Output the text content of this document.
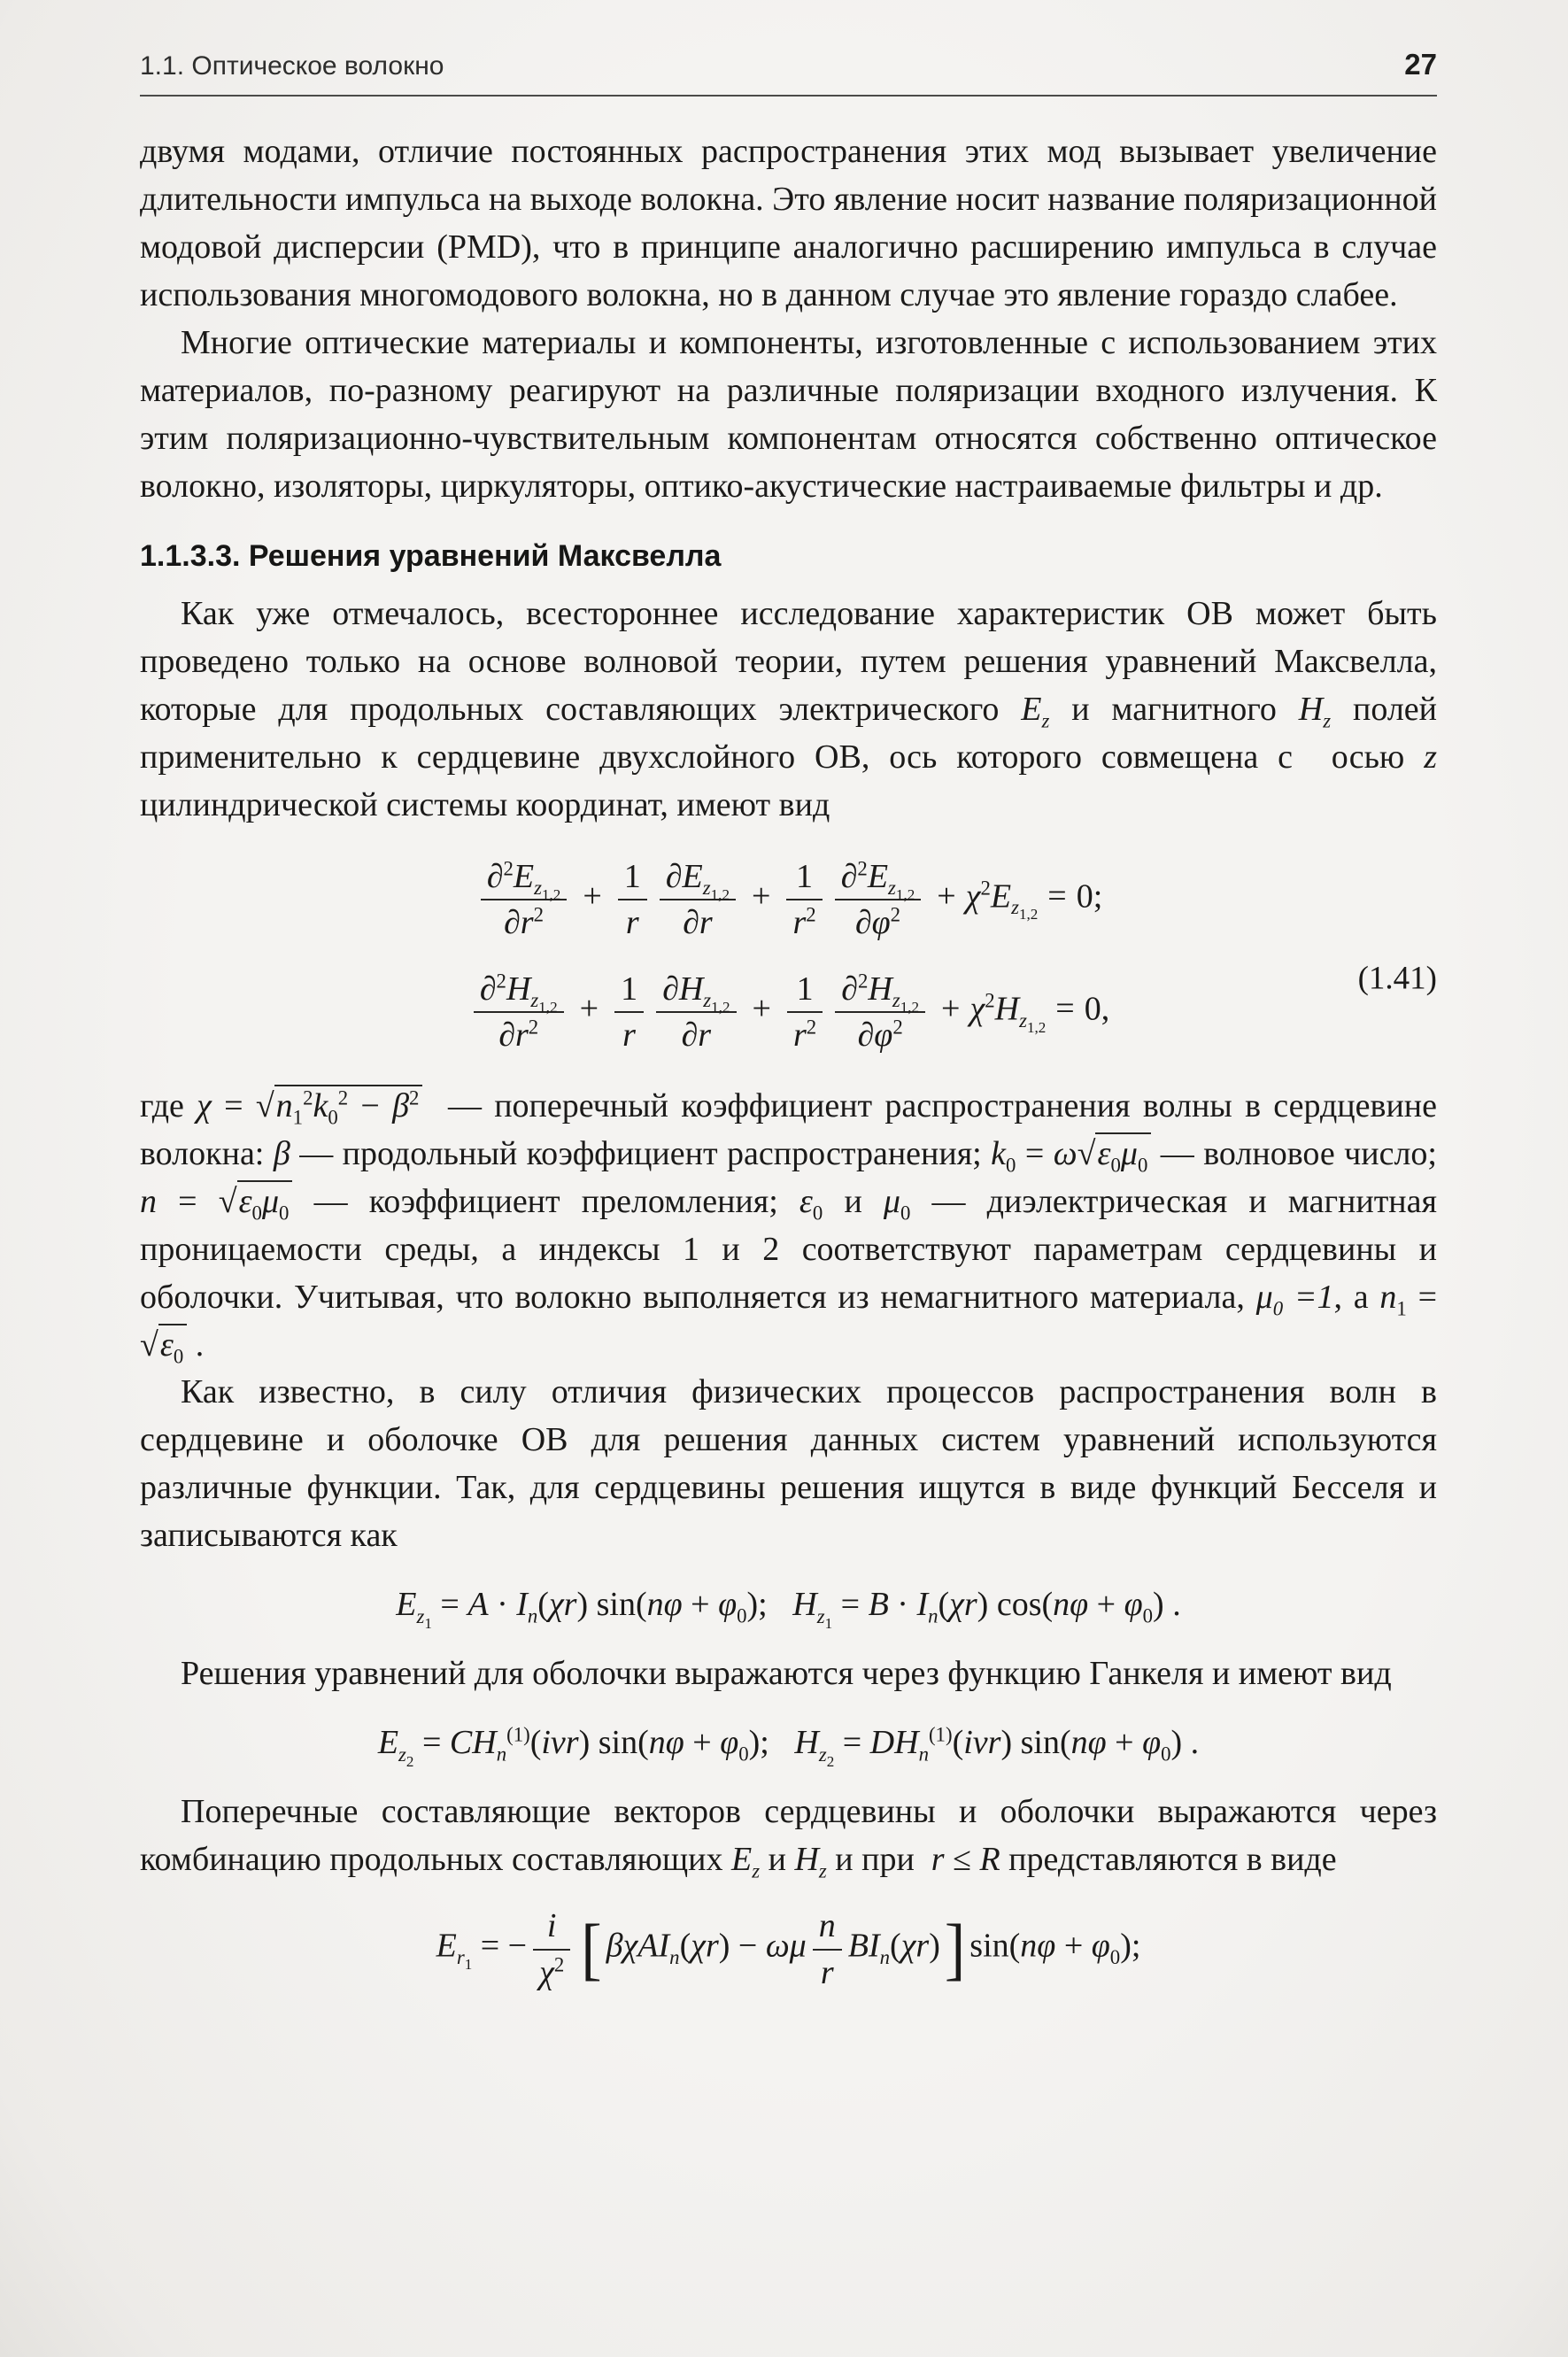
1.1. Оптическое волокно	27

двумя модами, отличие постоянных распространения этих мод вызывает увеличение длительности импульса на выходе волокна. Это явление носит название поляризационной модовой дисперсии (PMD), что в принципе аналогично расширению импульса в случае использования многомодового волокна, но в данном случае это явление гораздо слабее.

Многие оптические материалы и компоненты, изготовленные с использованием этих материалов, по-разному реагируют на различные поляризации входного излучения. К этим поляризационно-чувствительным компонентам относятся собственно оптическое волокно, изоляторы, циркуляторы, оптико-акустические настраиваемые фильтры и др.

1.1.3.3. Решения уравнений Максвелла

Как уже отмечалось, всестороннее исследование характеристик ОВ может быть проведено только на основе волновой теории, путем решения уравнений Максвелла, которые для продольных составляющих электрического $E_z$ и магнитного $H_z$ полей применительно к сердцевине двухслойного ОВ, ось которого совмещена с  осью z цилиндрической системы координат, имеют вид

$\frac{\partial^2E_{z_{1,2}}}{\partial r^2} + \frac{1}{r} \frac{\partial E_{z_{1,2}}}{\partial r} + \frac{1}{r^2} \frac{\partial^2E_{z_{1,2}}}{\partial\varphi^2} + \chi^2E_{z_{1,2}}= 0$;
$\frac{\partial^2H_{z_{1,2}}}{\partial r^2} + \frac{1}{r} \frac{\partial H_{z_{1,2}}}{\partial r} + \frac{1}{r^2} \frac{\partial^2H_{z_{1,2}}}{\partial\varphi^2} + \chi^2H_{z_{1,2}}= 0$,
(1.41)

где $\chi = √n_1^2k_0^2 - \beta^2$  — поперечный коэффициент распространения волны в сердцевине волокна: β — продольный коэффициент распространения; $k_0 = \omega√\varepsilon_0\mu_0$ — волновое число; $n = √\varepsilon_0\mu_0$ — коэффициент преломления; $\varepsilon_0$ и $\mu_0$ — диэлектрическая и магнитная проницаемости среды, а индексы 1 и 2 соответствуют параметрам сердцевины и оболочки. Учитывая, что волокно выполняется из немагнитного материала, $\mu_0 =1$, а $n_1 = √\varepsilon_0$ .

Как известно, в силу отличия физических процессов распространения волн в сердцевине и оболочке ОВ для решения данных систем уравнений используются различные функции. Так, для сердцевины решения ищутся в виде функций Бесселя и записываются как

$E_{z_1} = A \cdot I_n(\chi r) \sin(n\varphi + \varphi_0)$;   $H_{z_1} = B \cdot I_n(\chi r) \cos(n\varphi + \varphi_0)$ .

Решения уравнений для оболочки выражаются через функцию Ганкеля и имеют вид

$E_{z_2} = CH_n^{(1)}(ivr) \sin(n\varphi + \varphi_0)$;   $H_{z_2} = DH_n^{(1)}(ivr) \sin(n\varphi + \varphi_0)$ .

Поперечные составляющие векторов сердцевины и оболочки выражаются через комбинацию продольных составляющих $E_z$ и $H_z$ и при  r ≤ R представляются в виде

$E_{r_1}$ = − $\frac{i}{\chi^2}$ [ βχAI$_n$(χr) − ωμ $\frac{n}{r} BI_n(\chi r)$] $\sin(n\varphi + \varphi_0)$;
